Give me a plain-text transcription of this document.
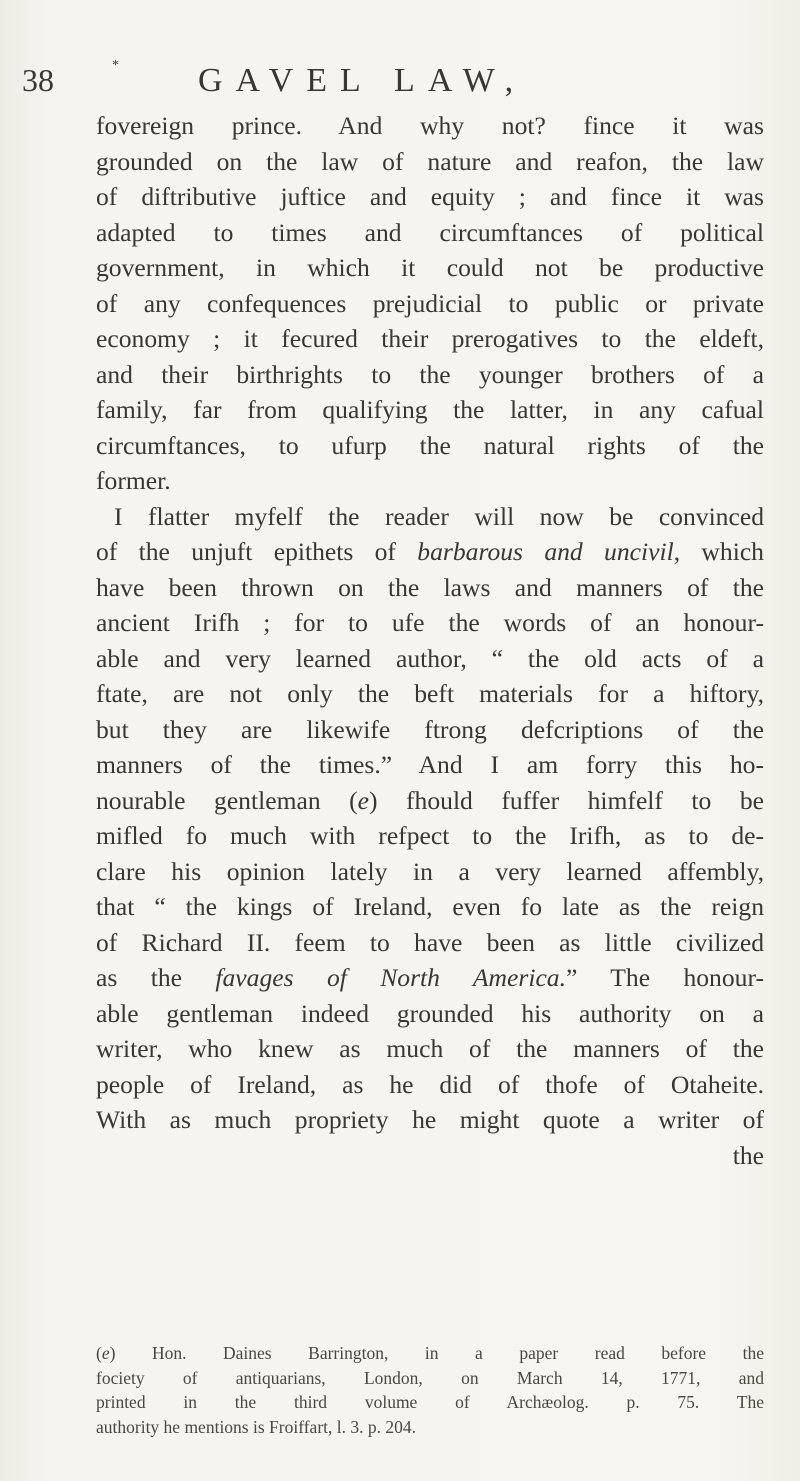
38	* GAVEL LAW,
fovereign prince. And why not? fince it was
grounded on the law of nature and reafon, the law
of diftributive juftice and equity ; and fince it was
adapted to times and circumftances of political
government, in which it could not be productive
of any confequences prejudicial to public or private
economy ; it fecured their prerogatives to the eldeft,
and their birthrights to the younger brothers of a
family, far from qualifying the latter, in any cafual
circumftances, to ufurp the natural rights of the
former.
I flatter myfelf the reader will now be convinced
of the unjuft epithets of barbarous and uncivil, which
have been thrown on the laws and manners of the
ancient Irifh ; for to ufe the words of an honour-
able and very learned author, “ the old acts of a
ftate, are not only the beft materials for a hiftory,
but they are likewife ftrong defcriptions of the
manners of the times.” And I am forry this ho-
nourable gentleman (e) fhould fuffer himfelf to be
mifled fo much with refpect to the Irifh, as to de-
clare his opinion lately in a very learned affembly,
that “ the kings of Ireland, even fo late as the reign
of Richard II. feem to have been as little civilized
as the favages of North America.” The honour-
able gentleman indeed grounded his authority on a
writer, who knew as much of the manners of the
people of Ireland, as he did of thofe of Otaheite.
With as much propriety he might quote a writer of
the
(e) Hon. Daines Barrington, in a paper read before the
fociety of antiquarians, London, on March 14, 1771, and
printed in the third volume of Archæolog. p. 75. The
authority he mentions is Froiffart, l. 3. p. 204.
